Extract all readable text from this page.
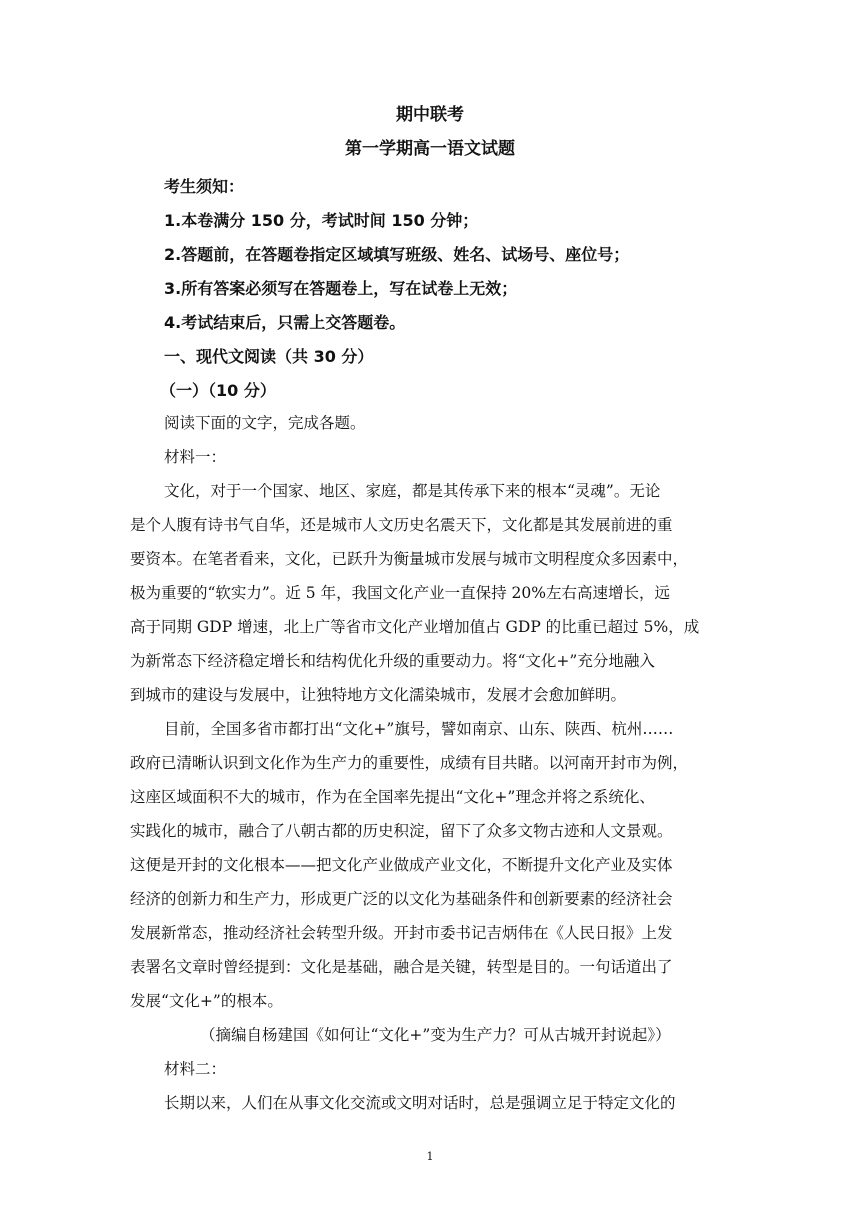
期中联考
第一学期高一语文试题
考生须知：
1.本卷满分 150 分，考试时间 150 分钟；
2.答题前，在答题卷指定区域填写班级、姓名、试场号、座位号；
3.所有答案必须写在答题卷上，写在试卷上无效；
4.考试结束后，只需上交答题卷。
一、现代文阅读（共 30 分）
（一）（10 分）
阅读下面的文字，完成各题。
材料一：
文化，对于一个国家、地区、家庭，都是其传承下来的根本“灵魂”。无论
是个人腹有诗书气自华，还是城市人文历史名震天下，文化都是其发展前进的重
要资本。在笔者看来，文化，已跃升为衡量城市发展与城市文明程度众多因素中，
极为重要的“软实力”。近 5 年，我国文化产业一直保持 20%左右高速增长，远
高于同期 GDP 增速，北上广等省市文化产业增加值占 GDP 的比重已超过 5%，成
为新常态下经济稳定增长和结构优化升级的重要动力。将“文化+”充分地融入
到城市的建设与发展中，让独特地方文化濡染城市，发展才会愈加鲜明。
目前，全国多省市都打出“文化+”旗号，譬如南京、山东、陕西、杭州……
政府已清晰认识到文化作为生产力的重要性，成绩有目共睹。以河南开封市为例，
这座区域面积不大的城市，作为在全国率先提出“文化+”理念并将之系统化、
实践化的城市，融合了八朝古都的历史积淀，留下了众多文物古迹和人文景观。
这便是开封的文化根本——把文化产业做成产业文化，不断提升文化产业及实体
经济的创新力和生产力，形成更广泛的以文化为基础条件和创新要素的经济社会
发展新常态，推动经济社会转型升级。开封市委书记吉炳伟在《人民日报》上发
表署名文章时曾经提到：文化是基础，融合是关键，转型是目的。一句话道出了
发展“文化+”的根本。
（摘编自杨建国《如何让“文化+”变为生产力？可从古城开封说起》）
材料二：
长期以来，人们在从事文化交流或文明对话时，总是强调立足于特定文化的
1
